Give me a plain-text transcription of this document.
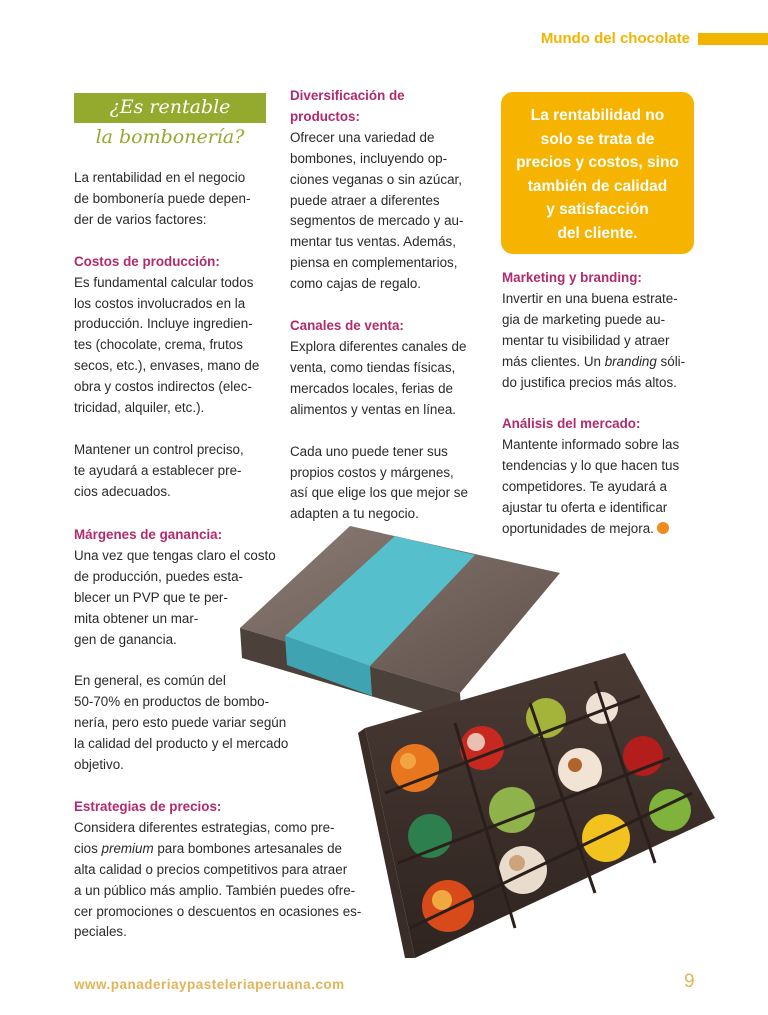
Mundo del chocolate
¿Es rentable
la bombonería?

La rentabilidad en el negocio

de bombonería puede depen-

der de varios factores:

Costos de producción:

Es fundamental calcular todos

los costos involucrados en la

producción. Incluye ingredien-

tes (chocolate, crema, frutos

secos, etc.), envases, mano de

obra y costos indirectos (elec-

tricidad, alquiler, etc.).

Mantener un control preciso,

te ayudará a establecer pre-

cios adecuados.

Diversificación de productos:

Ofrecer una variedad de

bombones, incluyendo op-

ciones veganas o sin azúcar,

puede atraer a diferentes

segmentos de mercado y au-

mentar tus ventas. Además,

piensa en complementarios,

como cajas de regalo.

Canales de venta:

Explora diferentes canales de

venta, como tiendas físicas,

mercados locales, ferias de

alimentos y ventas en línea.

Cada uno puede tener sus

propios costos y márgenes,

así que elige los que mejor se

adapten a tu negocio.

La rentabilidad no
solo se trata de
precios y costos, sino
también de calidad
y satisfacción
del cliente.

Marketing y branding:

Invertir en una buena estrate-

gia de marketing puede au-

mentar tu visibilidad y atraer

más clientes. Un branding sóli-

do justifica precios más altos.

Análisis del mercado:

Mantente informado sobre las

tendencias y lo que hacen tus

competidores. Te ayudará a

ajustar tu oferta e identificar

oportunidades de mejora.

Márgenes de ganancia:

Una vez que tengas claro el costo

de producción, puedes esta-

blecer un PVP que te per-

mita obtener un mar-

gen de ganancia.

En general, es común del

50-70% en productos de bombo-

nería, pero esto puede variar según

la calidad del producto y el mercado

objetivo.

Estrategias de precios:

Considera diferentes estrategias, como pre-

cios premium para bombones artesanales de

alta calidad o precios competitivos para atraer

a un público más amplio. También puedes ofre-

cer promociones o descuentos en ocasiones es-

peciales.

www.panaderiaypasteleriaperuana.com	9
